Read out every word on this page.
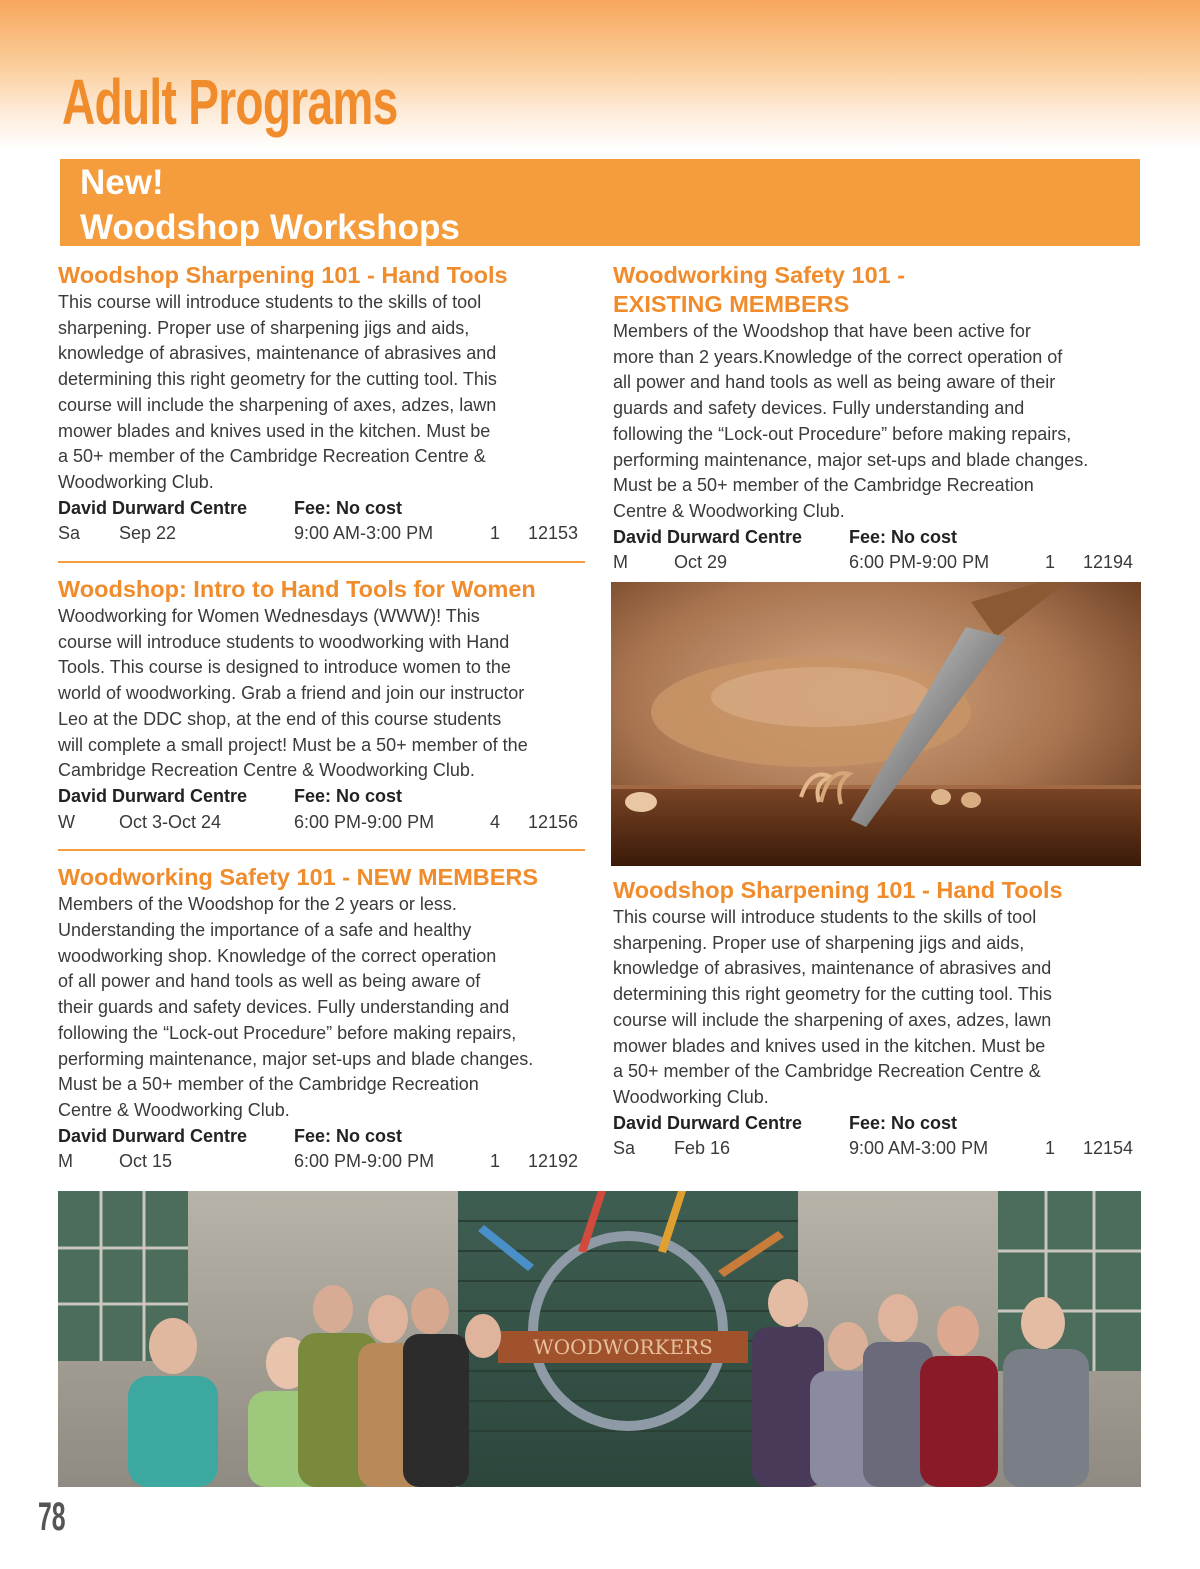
Adult Programs
New!
Woodshop Workshops
Woodshop Sharpening 101 - Hand Tools

This course will introduce students to the skills of tool
sharpening. Proper use of sharpening jigs and aids,
knowledge of abrasives, maintenance of abrasives and
determining this right geometry for the cutting tool. This
course will include the sharpening of axes, adzes, lawn
mower blades and knives used in the kitchen. Must be
a 50+ member of the Cambridge Recreation Centre &
Woodworking Club.

David Durward Centre	Fee: No cost
Sa Sep 22	9:00 AM-3:00 PM	1 12153
Woodshop: Intro to Hand Tools for Women

Woodworking for Women Wednesdays (WWW)! This
course will introduce students to woodworking with Hand
Tools. This course is designed to introduce women to the
world of woodworking. Grab a friend and join our instructor
Leo at the DDC shop, at the end of this course students
will complete a small project! Must be a 50+ member of the
Cambridge Recreation Centre & Woodworking Club.

David Durward Centre	Fee: No cost
W Oct 3-Oct 24	6:00 PM-9:00 PM	4 12156
Woodworking Safety 101 - NEW MEMBERS

Members of the Woodshop for the 2 years or less.
Understanding the importance of a safe and healthy
woodworking shop. Knowledge of the correct operation
of all power and hand tools as well as being aware of
their guards and safety devices. Fully understanding and
following the “Lock-out Procedure” before making repairs,
performing maintenance, major set-ups and blade changes.
Must be a 50+ member of the Cambridge Recreation
Centre & Woodworking Club.

David Durward Centre	Fee: No cost
M	Oct 15	6:00 PM-9:00 PM	1 12192
Woodworking Safety 101 -
EXISTING MEMBERS

Members of the Woodshop that have been active for
more than 2 years.Knowledge of the correct operation of
all power and hand tools as well as being aware of their
guards and safety devices. Fully understanding and
following the “Lock-out Procedure” before making repairs,
performing maintenance, major set-ups and blade changes.
Must be a 50+ member of the Cambridge Recreation
Centre & Woodworking Club.

David Durward Centre	Fee: No cost
M	Oct 29	6:00 PM-9:00 PM	1 12194
Woodshop Sharpening 101 - Hand Tools

This course will introduce students to the skills of tool
sharpening. Proper use of sharpening jigs and aids,
knowledge of abrasives, maintenance of abrasives and
determining this right geometry for the cutting tool. This
course will include the sharpening of axes, adzes, lawn
mower blades and knives used in the kitchen. Must be
a 50+ member of the Cambridge Recreation Centre &
Woodworking Club.

David Durward Centre	Fee: No cost
Sa Feb 16	9:00 AM-3:00 PM	1 12154
WOODWORKERS
78
